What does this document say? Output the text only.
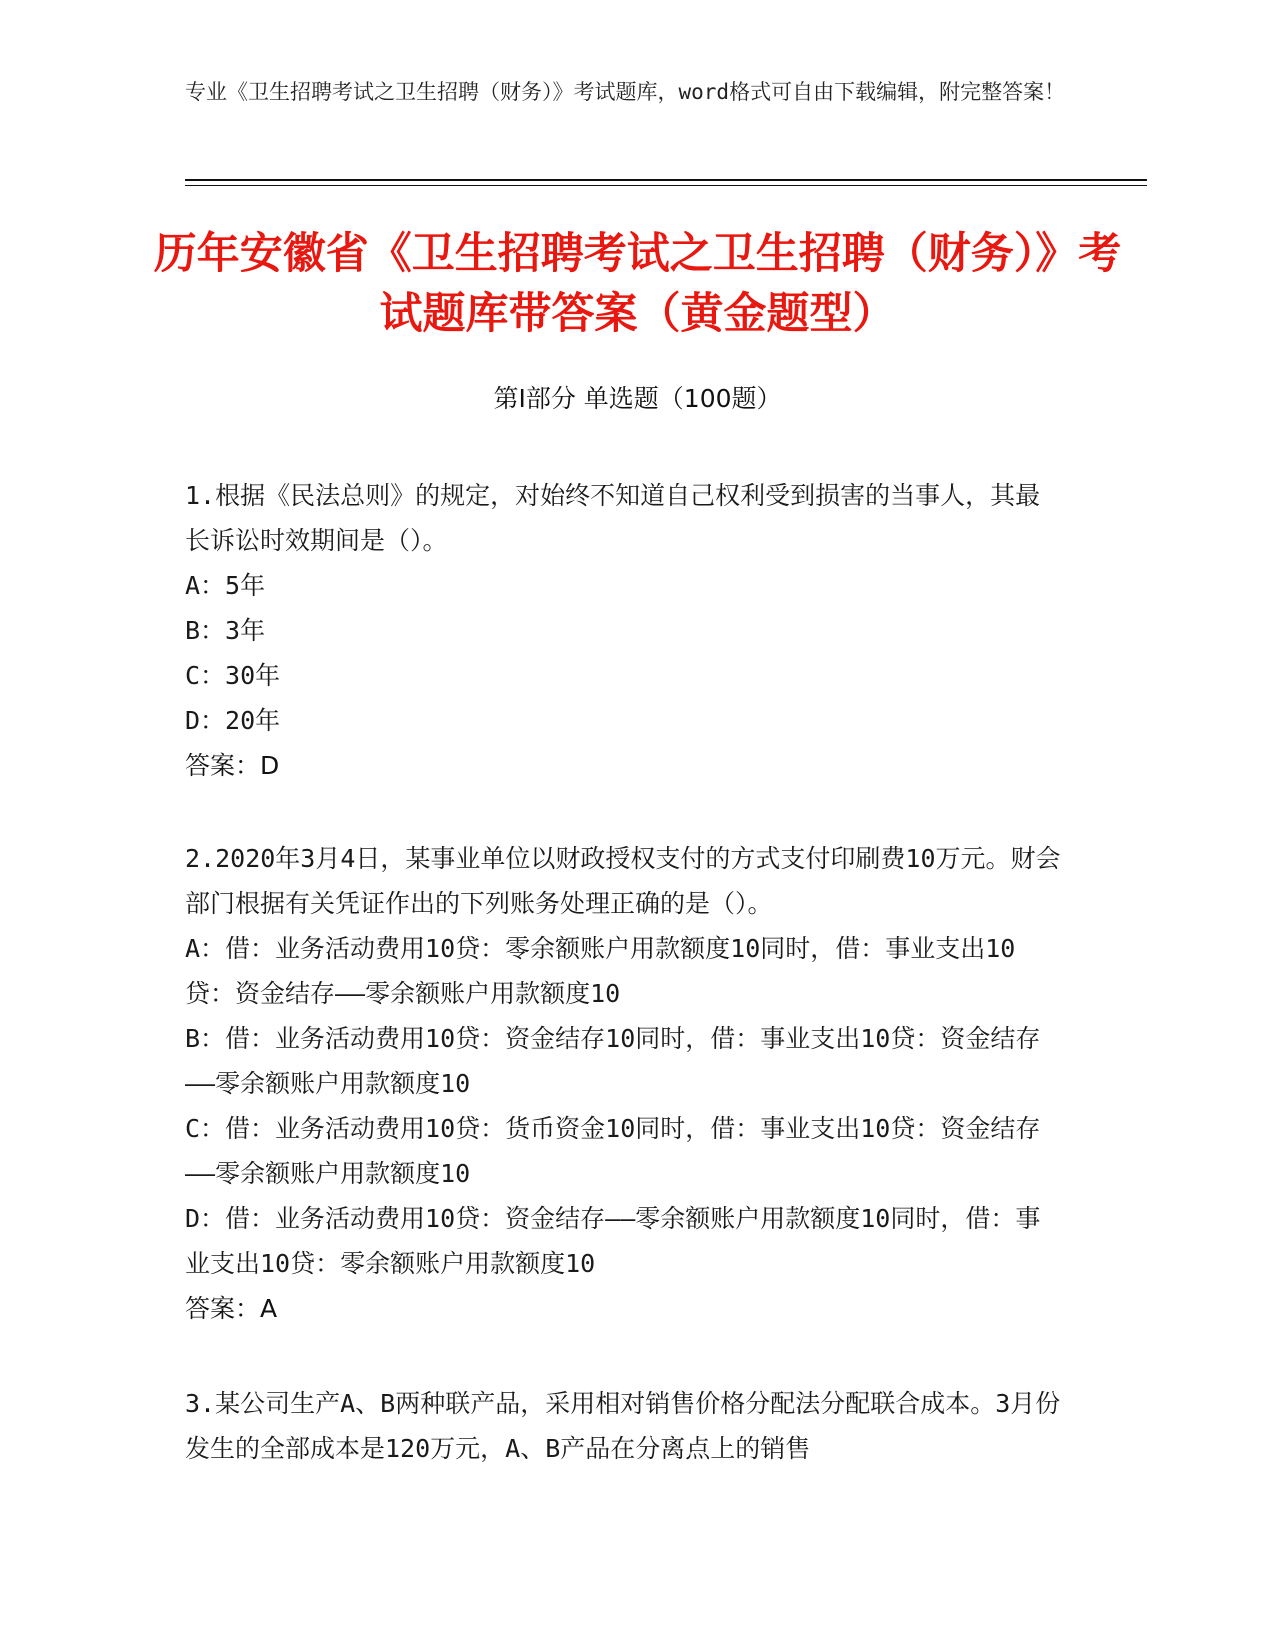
专业《卫生招聘考试之卫生招聘（财务）》考试题库，word格式可自由下载编辑，附完整答案！
历年安徽省《卫生招聘考试之卫生招聘（财务）》考试题库带答案（黄金题型）
第I部分 单选题（100题）

1.根据《民法总则》的规定，对始终不知道自己权利受到损害的当事人，其最长诉讼时效期间是（）。

A：5年

B：3年

C：30年

D：20年

答案：D

2.2020年3月4日，某事业单位以财政授权支付的方式支付印刷费10万元。财会部门根据有关凭证作出的下列账务处理正确的是（）。

A：借：业务活动费用10贷：零余额账户用款额度10同时，借：事业支出10贷：资金结存——零余额账户用款额度10

B：借：业务活动费用10贷：资金结存10同时，借：事业支出10贷：资金结存——零余额账户用款额度10

C：借：业务活动费用10贷：货币资金10同时，借：事业支出10贷：资金结存——零余额账户用款额度10

D：借：业务活动费用10贷：资金结存——零余额账户用款额度10同时，借：事业支出10贷：零余额账户用款额度10

答案：A

3.某公司生产A、B两种联产品，采用相对销售价格分配法分配联合成本。3月份发生的全部成本是120万元，A、B产品在分离点上的销售
